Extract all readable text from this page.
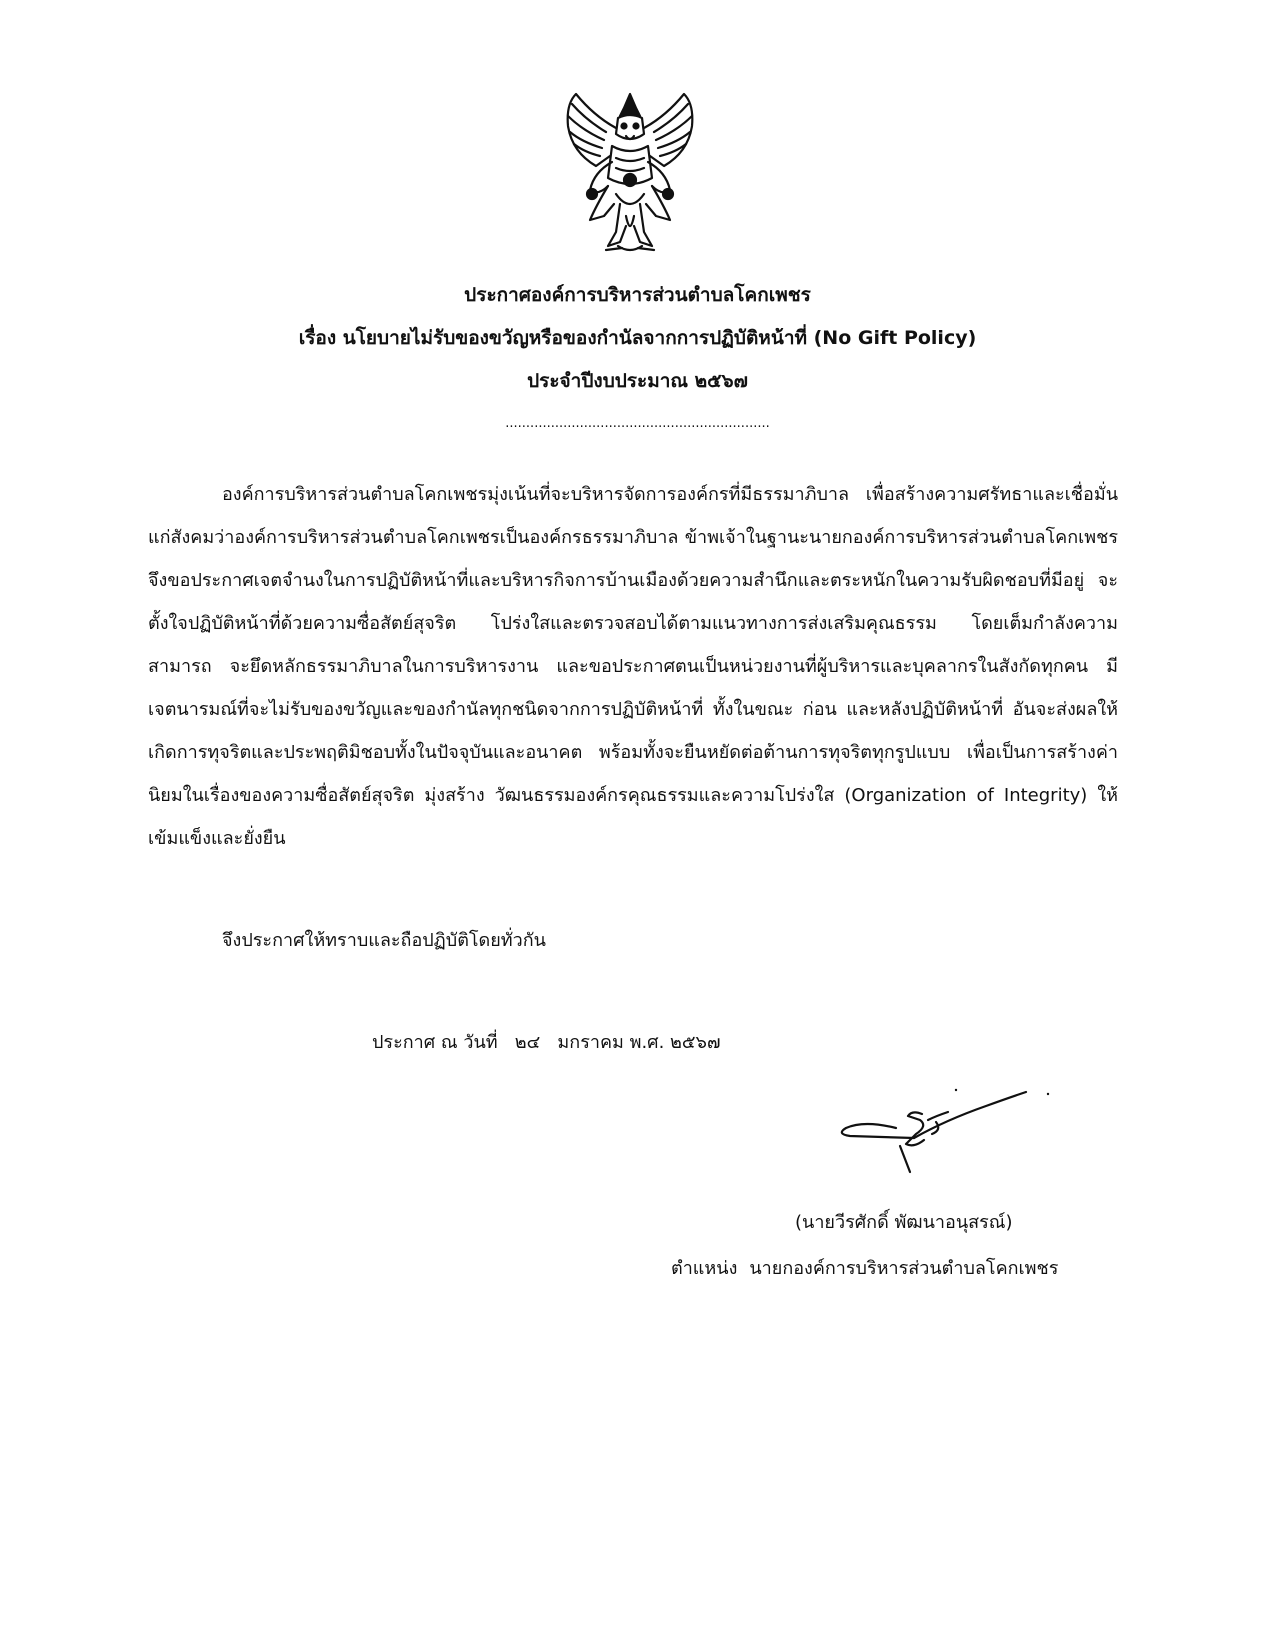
ประกาศองค์การบริหารส่วนตำบลโคกเพชร
เรื่อง นโยบายไม่รับของขวัญหรือของกำนัลจากการปฏิบัติหน้าที่ (No Gift Policy)
ประจำปีงบประมาณ ๒๕๖๗
................................................................
องค์การบริหารส่วนตำบลโคกเพชรมุ่งเน้นที่จะบริหารจัดการองค์กรที่มีธรรมาภิบาล เพื่อสร้างความศรัทธาและเชื่อมั่นแก่สังคมว่าองค์การบริหารส่วนตำบลโคกเพชรเป็นองค์กรธรรมาภิบาล ข้าพเจ้าในฐานะนายกองค์การบริหารส่วนตำบลโคกเพชร จึงขอประกาศเจตจำนงในการปฏิบัติหน้าที่และบริหารกิจการบ้านเมืองด้วยความสำนึกและตระหนักในความรับผิดชอบที่มีอยู่ จะตั้งใจปฏิบัติหน้าที่ด้วยความซื่อสัตย์สุจริต โปร่งใสและตรวจสอบได้ตามแนวทางการส่งเสริมคุณธรรม โดยเต็มกำลังความสามารถ จะยึดหลักธรรมาภิบาลในการบริหารงาน และขอประกาศตนเป็นหน่วยงานที่ผู้บริหารและบุคลากรในสังกัดทุกคน มีเจตนารมณ์ที่จะไม่รับของขวัญและของกำนัลทุกชนิดจากการปฏิบัติหน้าที่ ทั้งในขณะ ก่อน และหลังปฏิบัติหน้าที่ อันจะส่งผลให้เกิดการทุจริตและประพฤติมิชอบทั้งในปัจจุบันและอนาคต พร้อมทั้งจะยืนหยัดต่อต้านการทุจริตทุกรูปแบบ เพื่อเป็นการสร้างค่านิยมในเรื่องของความซื่อสัตย์สุจริต มุ่งสร้าง วัฒนธรรมองค์กรคุณธรรมและความโปร่งใส (Organization of Integrity) ให้เข้มแข็งและยั่งยืน
จึงประกาศให้ทราบและถือปฏิบัติโดยทั่วกัน
ประกาศ ณ วันที่   ๒๔   มกราคม พ.ศ. ๒๕๖๗
(นายวีรศักดิ์ พัฒนาอนุสรณ์)
ตำแหน่ง นายกองค์การบริหารส่วนตำบลโคกเพชร
